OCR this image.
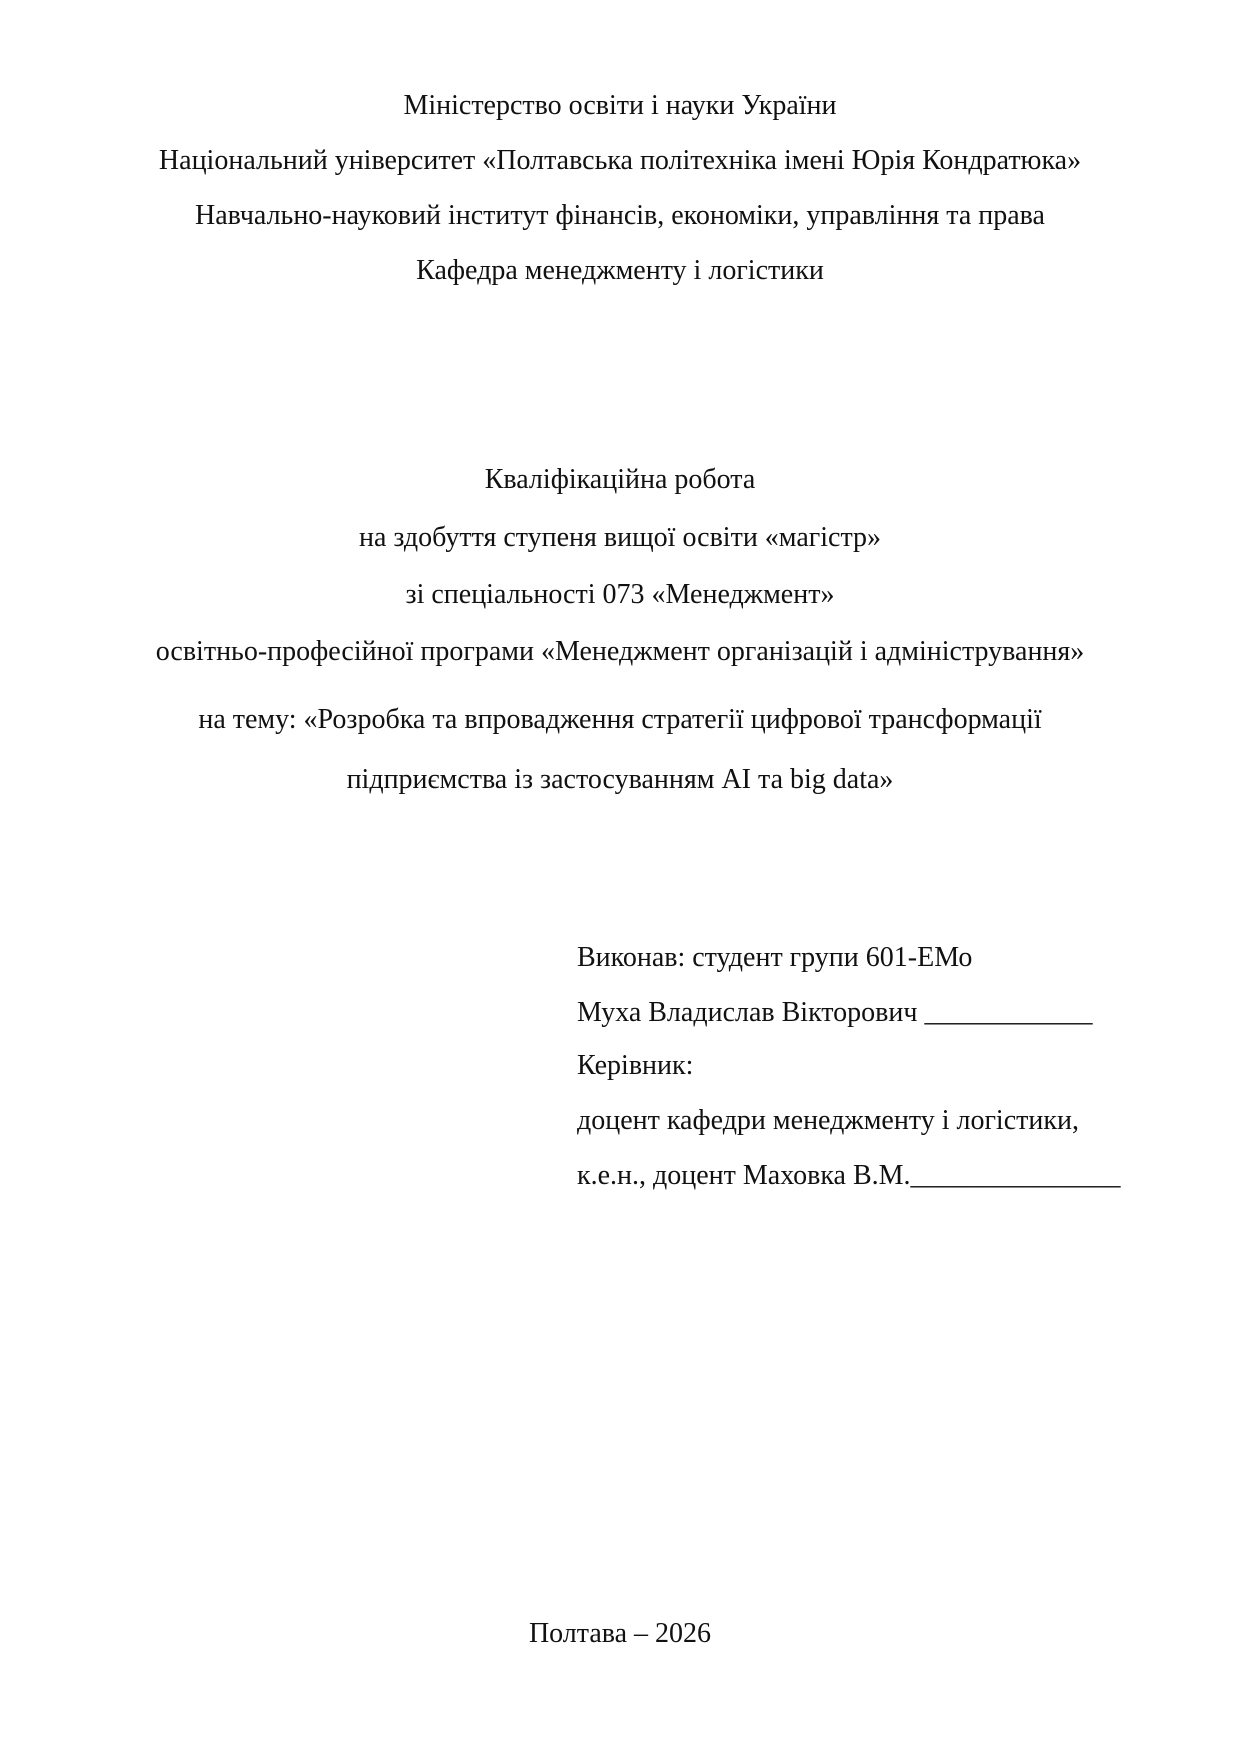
Міністерство освіти і науки України
Національний університет «Полтавська політехніка імені Юрія Кондратюка»
Навчально-науковий інститут фінансів, економіки, управління та права
Кафедра менеджменту і логістики
Кваліфікаційна робота
на здобуття ступеня вищої освіти «магістр»
зі спеціальності 073 «Менеджмент»
освітньо-професійної програми «Менеджмент організацій і адміністрування»
на тему: «Розробка та впровадження стратегії цифрової трансформації
підприємства із застосуванням AI та big data»
Виконав: студент групи 601-ЕМо
Муха Владислав Вікторович ____________
Керівник:
доцент кафедри менеджменту і логістики,
к.е.н., доцент Маховка В.М._______________
Полтава – 2026
